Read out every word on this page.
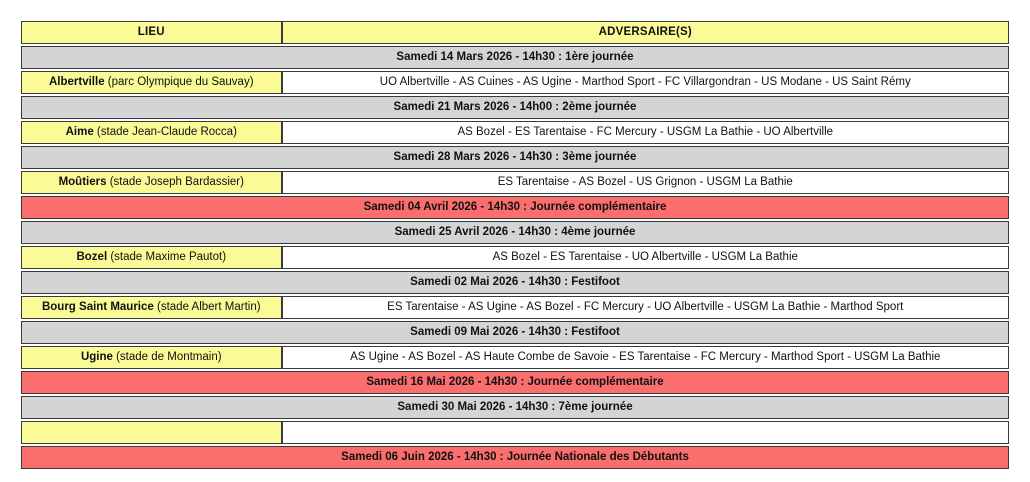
LIEU	ADVERSAIRE(S)
Samedi 14 Mars 2026 - 14h30 : 1ère journée	
Albertville (parc Olympique du Sauvay)	UO Albertville - AS Cuines - AS Ugine - Marthod Sport - FC Villargondran - US Modane - US Saint Rémy
Samedi 21 Mars 2026 - 14h00 : 2ème journée	
Aime (stade Jean-Claude Rocca)	AS Bozel - ES Tarentaise - FC Mercury - USGM La Bathie - UO Albertville
Samedi 28 Mars 2026 - 14h30 : 3ème journée	
Moûtiers (stade Joseph Bardassier)	ES Tarentaise - AS Bozel - US Grignon - USGM La Bathie
Samedi 04 Avril 2026 - 14h30 : Journée complémentaire	
Samedi 25 Avril 2026 - 14h30 : 4ème journée	
Bozel (stade Maxime Pautot)	AS Bozel - ES Tarentaise - UO Albertville - USGM La Bathie
Samedi 02 Mai 2026 - 14h30 : Festifoot	
Bourg Saint Maurice (stade Albert Martin)	ES Tarentaise - AS Ugine - AS Bozel - FC Mercury - UO Albertville - USGM La Bathie - Marthod Sport
Samedi 09 Mai 2026 - 14h30 : Festifoot	
Ugine (stade de Montmain)	AS Ugine - AS Bozel - AS Haute Combe de Savoie - ES Tarentaise - FC Mercury - Marthod Sport - USGM La Bathie
Samedi 16 Mai 2026 - 14h30 : Journée complémentaire	
Samedi 30 Mai 2026 - 14h30 : 7ème journée	

Samedi 06 Juin 2026 - 14h30 : Journée Nationale des Débutants	
